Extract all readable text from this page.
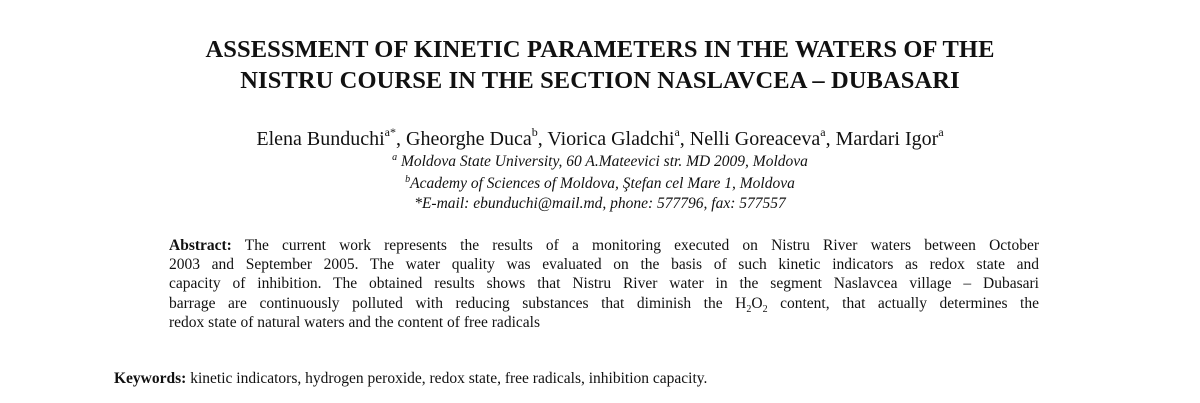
ASSESSMENT OF KINETIC PARAMETERS IN THE WATERS OF THE
NISTRU COURSE IN THE SECTION NASLAVCEA – DUBASARI
Elena Bunduchi$^{a*}$, Gheorghe Duca$^b$, Viorica Gladchi$^a$, Nelli Goreaceva$^a$, Mardari Igor$^a$
$^a$ Moldova State University, 60 A.Mateevici str. MD 2009, Moldova
$^b$Academy of Sciences of Moldova, Ştefan cel Mare 1, Moldova
*E-mail: ebunduchi@mail.md, phone: 577796, fax: 577557
Abstract: The current work represents the results of a monitoring executed on Nistru River waters between October
2003 and September 2005. The water quality was evaluated on the basis of such kinetic indicators as redox state and
capacity of inhibition. The obtained results shows that Nistru River water in the segment Naslavcea village – Dubasari
barrage are continuously polluted with reducing substances that diminish the $H_2O_2$ content, that actually determines the
redox state of natural waters and the content of free radicals
Keywords: kinetic indicators, hydrogen peroxide, redox state, free radicals, inhibition capacity.
